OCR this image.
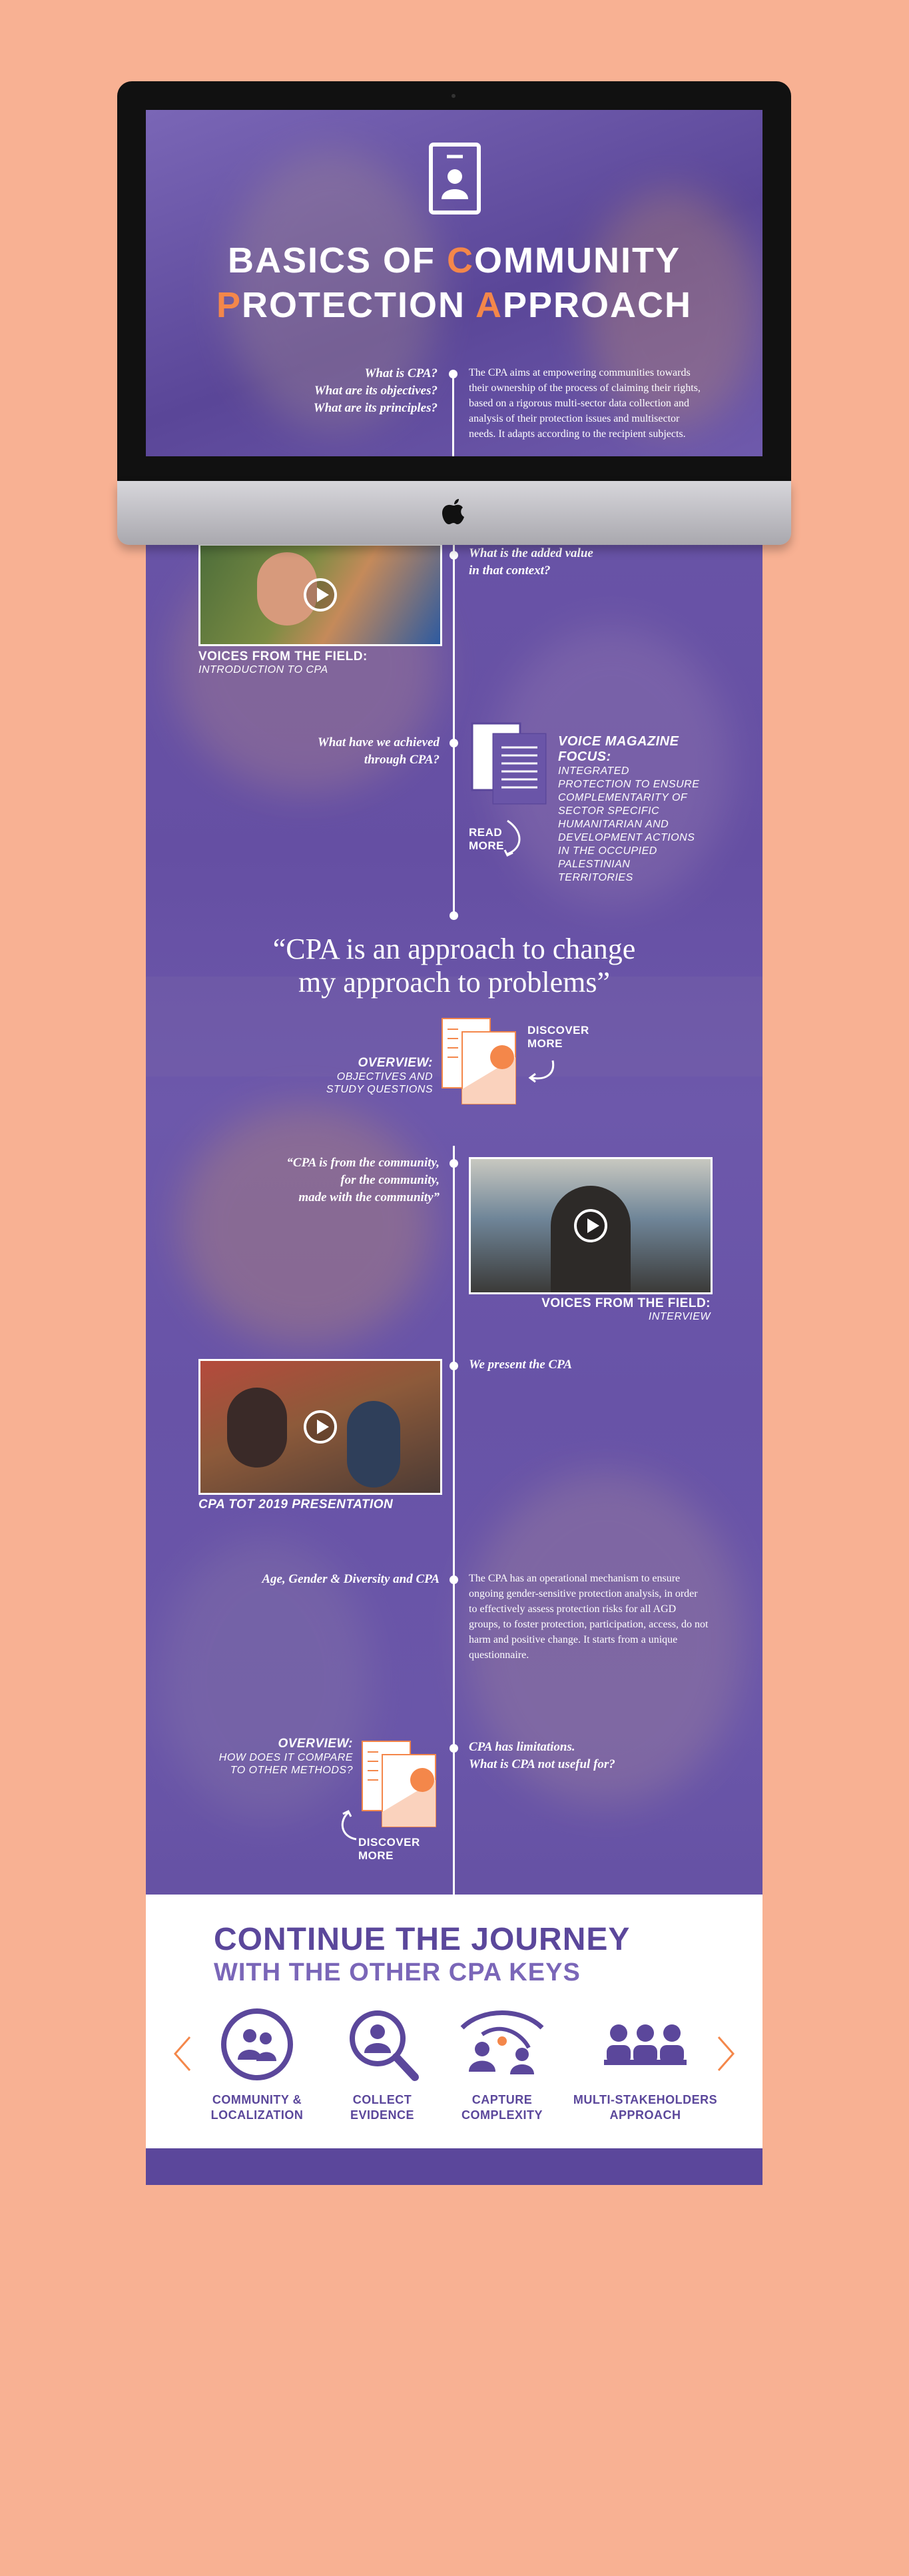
What is the added value
in that context?
VOICES FROM THE FIELD:
INTRODUCTION TO CPA
What have we achieved
through CPA?
VOICE MAGAZINE FOCUS:
INTEGRATED PROTECTION TO ENSURE COMPLEMENTARITY OF SECTOR SPECIFIC HUMANITARIAN AND DEVELOPMENT ACTIONS IN THE OCCUPIED PALESTINIAN TERRITORIES
READ
MORE
“CPA is an approach to change
my approach to problems”
OVERVIEW:
OBJECTIVES AND
STUDY QUESTIONS
DISCOVER
MORE
“CPA is from the community,
for the community,
made with the community”
VOICES FROM THE FIELD:
INTERVIEW
We present the CPA
CPA TOT 2019 PRESENTATION
Age, Gender & Diversity and CPA	The CPA has an operational mechanism to ensure ongoing gender-sensitive protection analysis, in order to effectively assess protection risks for all AGD groups, to foster protection, participation, access, do not harm and positive change. It starts from a unique questionnaire.
OVERVIEW:
HOW DOES IT COMPARE
TO OTHER METHODS?
DISCOVER
MORE
CPA has limitations.
What is CPA not useful for?
CONTINUE THE JOURNEY
WITH THE OTHER CPA KEYS
COMMUNITY &
LOCALIZATION
COLLECT
EVIDENCE
CAPTURE
COMPLEXITY
MULTI-STAKEHOLDERS
APPROACH
BASICS OF COMMUNITY
PROTECTION APPROACH
What is CPA?
What are its objectives?
What are its principles?
The CPA aims at empowering communities towards their ownership of the process of claiming their rights, based on a rigorous multi-sector data collection and analysis of their protection issues and multisector needs. It adapts according to the recipient subjects.
